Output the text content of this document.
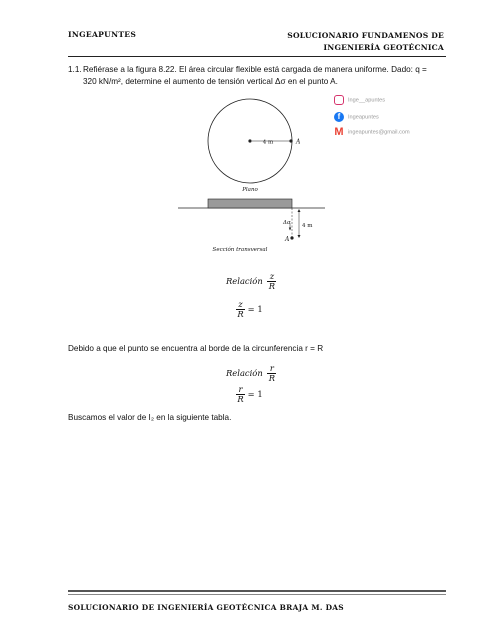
INGEAPUNTES	SOLUCIONARIO FUNDAMENOS DE INGENIERÍA GEOTÉCNICA
1.1. Refiérase a la figura 8.22. El área circular flexible está cargada de manera uniforme. Dado: q =
320 kN/m², determine el aumento de tensión vertical Δσ en el punto A.
Inge__apuntes
f Ingeapuntes
Mingeapuntes@gmail.com
4 m	A
Plano
4 m
Δσ
A
Sección transversal
Relación $\frac{z}{R}$
$\frac{z}{R} = 1$
Debido a que el punto se encuentra al borde de la circunferencia r = R
Relación $\frac{r}{R}$
$\frac{r}{R} = 1$
Buscamos el valor de I₂ en la siguiente tabla.
SOLUCIONARIO DE INGENIERÍA GEOTÉCNICA BRAJA M. DAS
